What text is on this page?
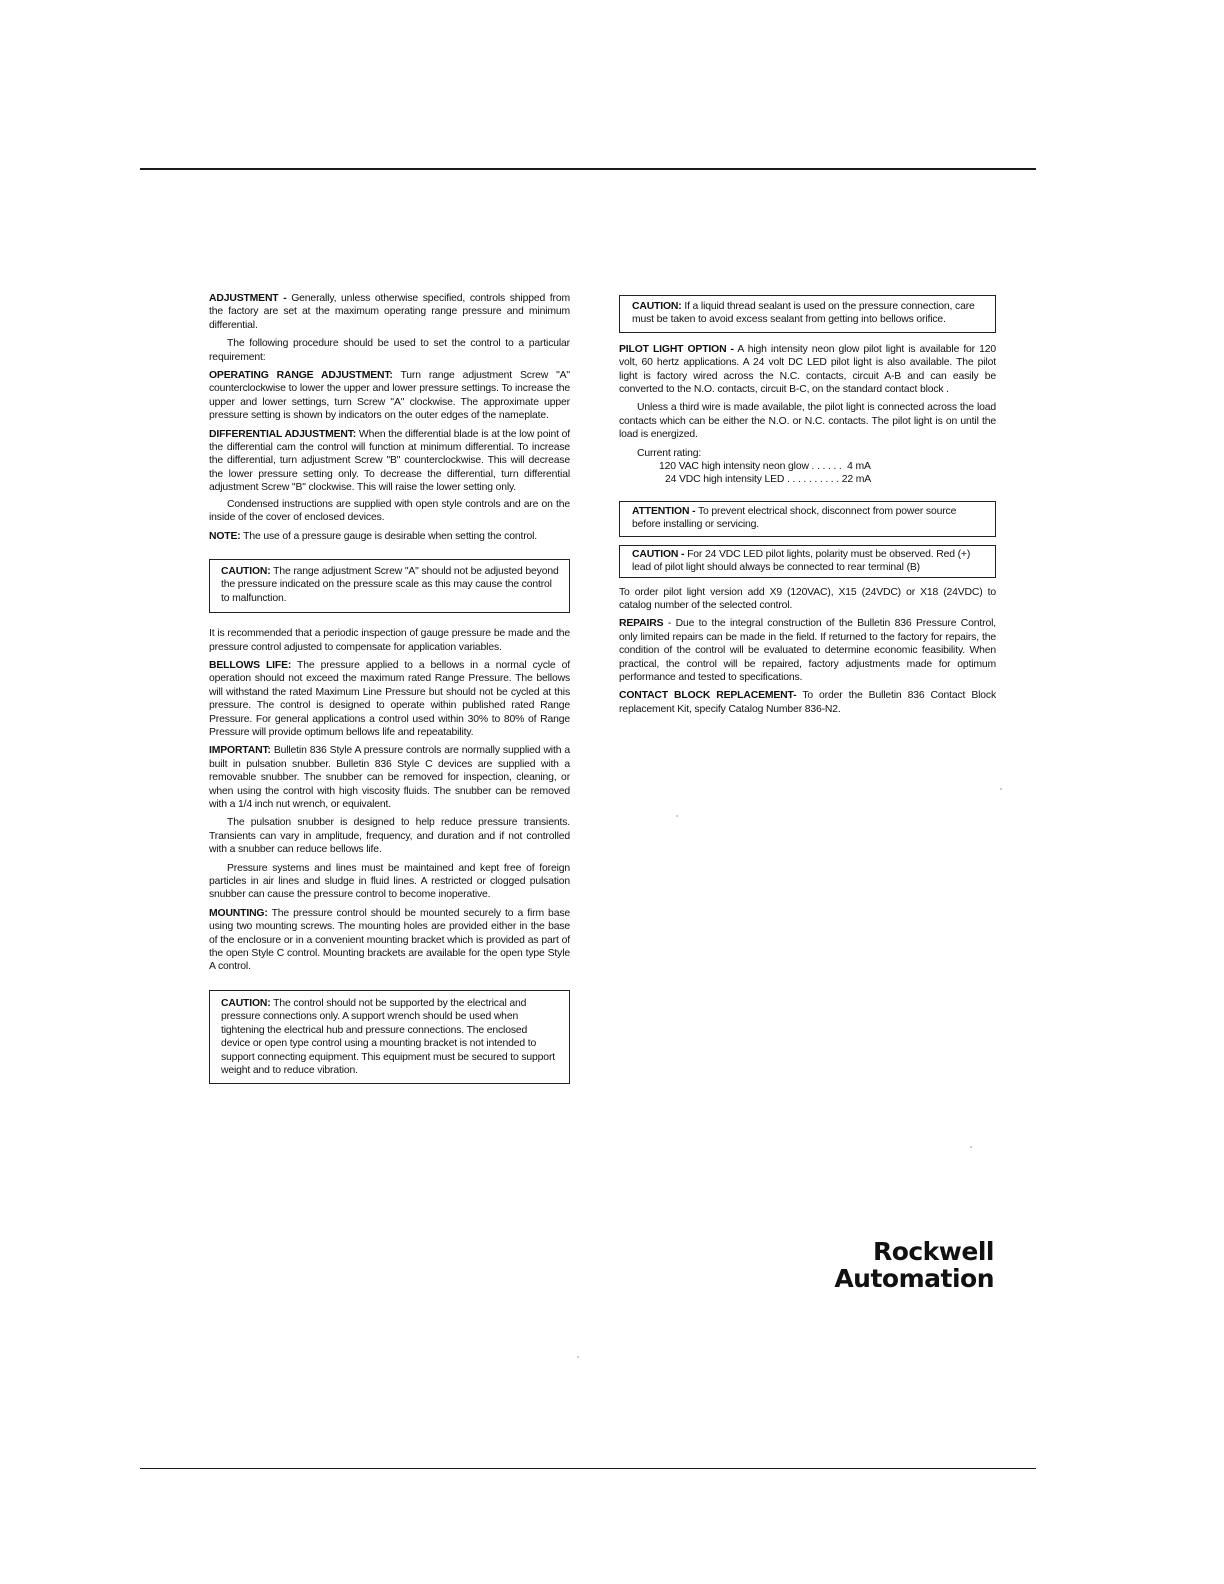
ADJUSTMENT - Generally, unless otherwise specified, controls shipped from the factory are set at the maximum operating range pressure and minimum differential.

The following procedure should be used to set the control to a particular requirement:

OPERATING RANGE ADJUSTMENT: Turn range adjustment Screw "A" counterclockwise to lower the upper and lower pressure settings. To increase the upper and lower settings, turn Screw "A" clockwise. The approximate upper pressure setting is shown by indicators on the outer edges of the nameplate.

DIFFERENTIAL ADJUSTMENT: When the differential blade is at the low point of the differential cam the control will function at minimum differential. To increase the differential, turn adjustment Screw "B" counterclockwise. This will decrease the lower pressure setting only. To decrease the differential, turn differential adjustment Screw "B" clockwise. This will raise the lower setting only.

Condensed instructions are supplied with open style controls and are on the inside of the cover of enclosed devices.

NOTE: The use of a pressure gauge is desirable when setting the control.

CAUTION: The range adjustment Screw "A" should not be adjusted beyond the pressure indicated on the pressure scale as this may cause the control to malfunction.

It is recommended that a periodic inspection of gauge pressure be made and the pressure control adjusted to compensate for application variables.

BELLOWS LIFE: The pressure applied to a bellows in a normal cycle of operation should not exceed the maximum rated Range Pressure. The bellows will withstand the rated Maximum Line Pressure but should not be cycled at this pressure. The control is designed to operate within published rated Range Pressure. For general applications a control used within 30% to 80% of Range Pressure will provide optimum bellows life and repeatability.

IMPORTANT: Bulletin 836 Style A pressure controls are normally supplied with a built in pulsation snubber. Bulletin 836 Style C devices are supplied with a removable snubber. The snubber can be removed for inspection, cleaning, or when using the control with high viscosity fluids. The snubber can be removed with a 1/4 inch nut wrench, or equivalent.

The pulsation snubber is designed to help reduce pressure transients. Transients can vary in amplitude, frequency, and duration and if not controlled with a snubber can reduce bellows life.

Pressure systems and lines must be maintained and kept free of foreign particles in air lines and sludge in fluid lines. A restricted or clogged pulsation snubber can cause the pressure control to become inoperative.

MOUNTING: The pressure control should be mounted securely to a firm base using two mounting screws. The mounting holes are provided either in the base of the enclosure or in a convenient mounting bracket which is provided as part of the open Style C control. Mounting brackets are available for the open type Style A control.

CAUTION: The control should not be supported by the electrical and pressure connections only. A support wrench should be used when tightening the electrical hub and pressure connections. The enclosed device or open type control using a mounting bracket is not intended to support connecting equipment. This equipment must be secured to support weight and to reduce vibration.

CAUTION: If a liquid thread sealant is used on the pressure connection, care must be taken to avoid excess sealant from getting into bellows orifice.

PILOT LIGHT OPTION - A high intensity neon glow pilot light is available for 120 volt, 60 hertz applications. A 24 volt DC LED pilot light is also available. The pilot light is factory wired across the N.C. contacts, circuit A-B and can easily be converted to the N.O. contacts, circuit B-C, on the standard contact block .

Unless a third wire is made available, the pilot light is connected across the load contacts which can be either the N.O. or N.C. contacts. The pilot light is on until the load is energized.

Current rating:
120 VAC high intensity neon glow . . . . . .  4 mA
24 VDC high intensity LED . . . . . . . . . . 22 mA

ATTENTION - To prevent electrical shock, disconnect from power source before installing or servicing.

CAUTION - For 24 VDC LED pilot lights, polarity must be observed. Red (+) lead of pilot light should always be connected to rear terminal (B)

To order pilot light version add X9 (120VAC), X15 (24VDC) or X18 (24VDC) to catalog number of the selected control.

REPAIRS - Due to the integral construction of the Bulletin 836 Pressure Control, only limited repairs can be made in the field. If returned to the factory for repairs, the condition of the control will be evaluated to determine economic feasibility. When practical, the control will be repaired, factory adjustments made for optimum performance and tested to specifications.

CONTACT BLOCK REPLACEMENT- To order the Bulletin 836 Contact Block replacement Kit, specify Catalog Number 836-N2.

Rockwell
Automation
